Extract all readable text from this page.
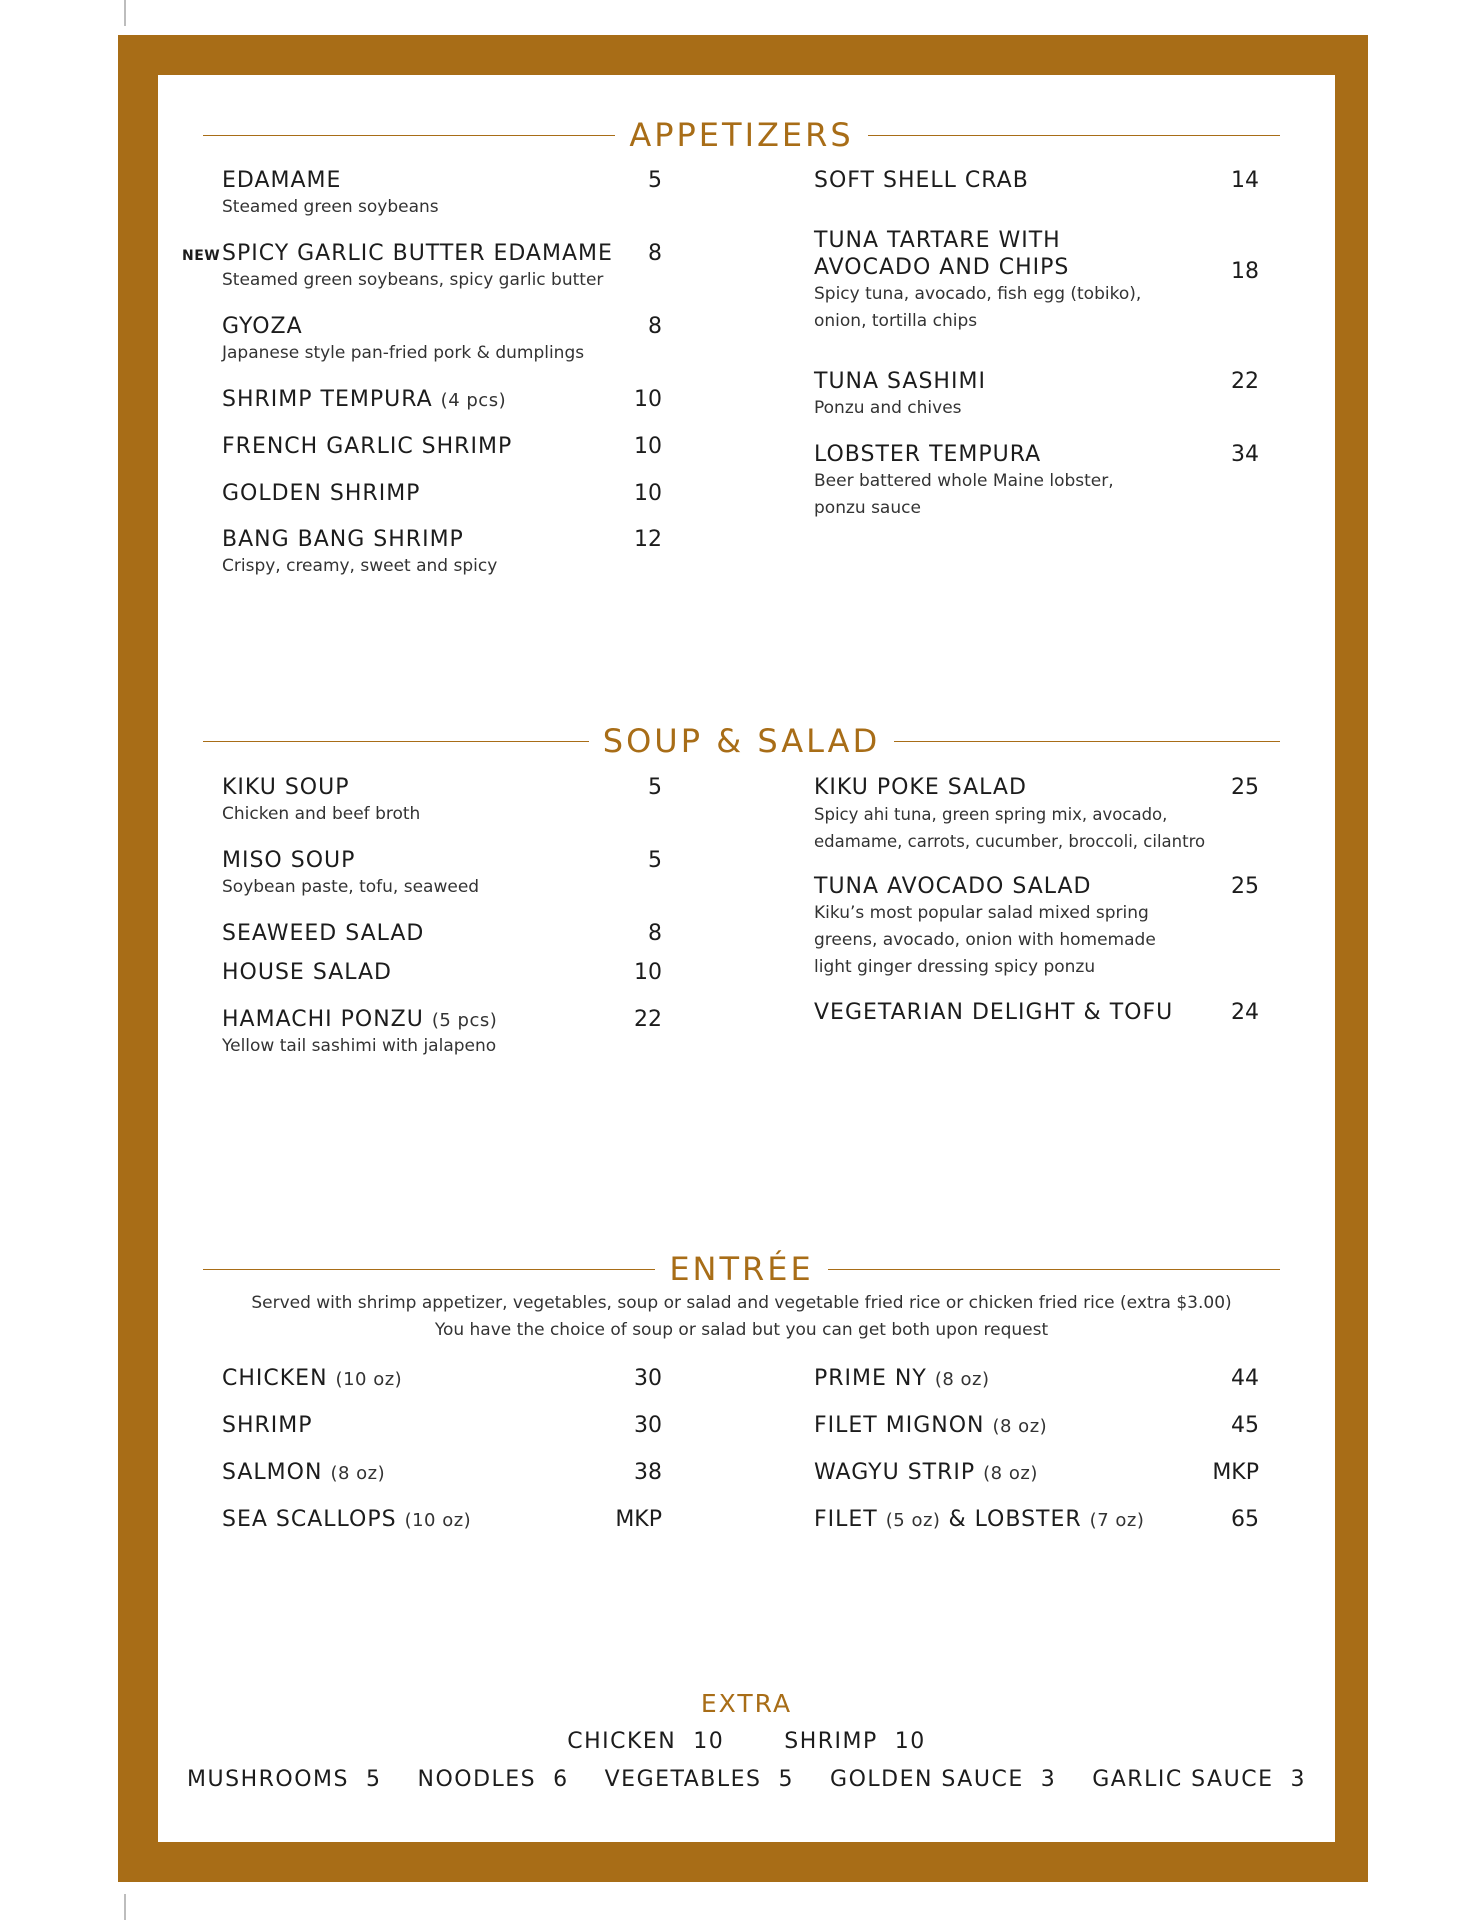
APPETIZERS
EDAMAME	5
Steamed green soybeans
NEW SPICY GARLIC BUTTER EDAMAME	8
Steamed green soybeans, spicy garlic butter
GYOZA	8
Japanese style pan-fried pork & dumplings
SHRIMP TEMPURA (4 pcs)	10
FRENCH GARLIC SHRIMP	10
GOLDEN SHRIMP	10
BANG BANG SHRIMP	12
Crispy, creamy, sweet and spicy
SOFT SHELL CRAB	14
TUNA TARTARE WITH
AVOCADO AND CHIPS	18
Spicy tuna, avocado, fish egg (tobiko), onion, tortilla chips
TUNA SASHIMI	22
Ponzu and chives
LOBSTER TEMPURA	34
Beer battered whole Maine lobster, ponzu sauce
SOUP & SALAD
KIKU SOUP	5
Chicken and beef broth
MISO SOUP	5
Soybean paste, tofu, seaweed
SEAWEED SALAD	8
HOUSE SALAD	10
HAMACHI PONZU (5 pcs)	22
Yellow tail sashimi with jalapeno
KIKU POKE SALAD	25
Spicy ahi tuna, green spring mix, avocado, edamame, carrots, cucumber, broccoli, cilantro
TUNA AVOCADO SALAD	25
Kiku’s most popular salad mixed spring greens, avocado, onion with homemade light ginger dressing spicy ponzu
VEGETARIAN DELIGHT & TOFU	24
ENTRÉE
Served with shrimp appetizer, vegetables, soup or salad and vegetable fried rice or chicken fried rice (extra $3.00)
You have the choice of soup or salad but you can get both upon request
CHICKEN (10 oz)	30
SHRIMP	30
SALMON (8 oz)	38
SEA SCALLOPS (10 oz)	MKP
PRIME NY (8 oz)	44
FILET MIGNON (8 oz)	45
WAGYU STRIP (8 oz)	MKP
FILET (5 oz) & LOBSTER (7 oz)	65
EXTRA
CHICKEN  10	SHRIMP  10
MUSHROOMS  5 NOODLES  6 VEGETABLES  5 GOLDEN SAUCE  3 GARLIC SAUCE  3
